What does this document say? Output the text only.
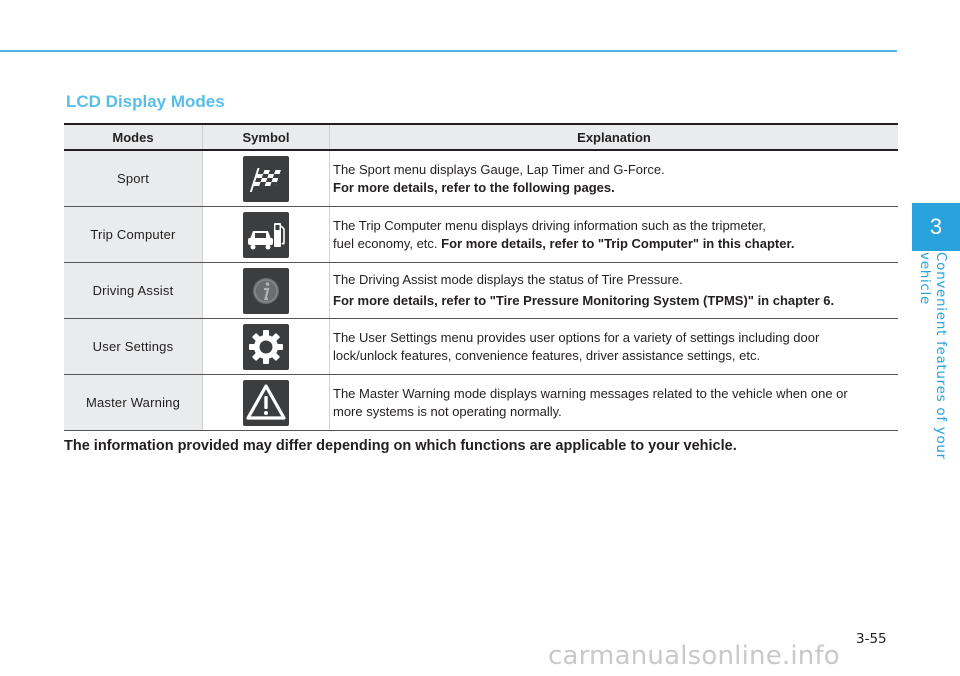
3
Convenient features of your vehicle
LCD Display Modes
Modes	Symbol	Explanation
Sport		The Sport menu displays Gauge, Lap Timer and G-Force.
For more details, refer to the following pages.

Trip Computer		The Trip Computer menu displays driving information such as the tripmeter,
fuel economy, etc. For more details, refer to "Trip Computer" in this chapter.

Driving Assist		The Driving Assist mode displays the status of Tire Pressure.
For more details, refer to "Tire Pressure Monitoring System (TPMS)" in chapter 6.

User Settings		The User Settings menu provides user options for a variety of settings including door
lock/unlock features, convenience features, driver assistance settings, etc.

Master Warning		The Master Warning mode displays warning messages related to the vehicle when one or
more systems is not operating normally.
The information provided may differ depending on which functions are applicable to your vehicle.
3-55
carmanualsonline.info
